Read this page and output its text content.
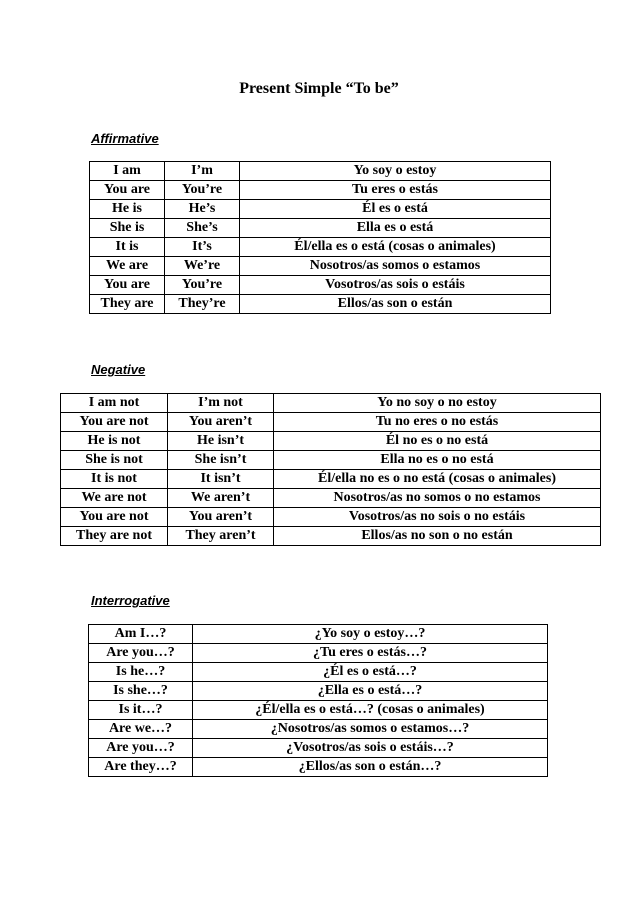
Present Simple “To be”
Affirmative
I am	I’m	Yo soy o estoy
You are	You’re	Tu eres o estás
He is	He’s	Él es o está
She is	She’s	Ella es o está
It is	It’s	Él/ella es o está (cosas o animales)
We are	We’re	Nosotros/as somos o estamos
You are	You’re	Vosotros/as sois o estáis
They are	They’re	Ellos/as son o están
Negative
I am not	I’m not	Yo no soy o no estoy
You are not	You aren’t	Tu no eres o no estás
He is not	He isn’t	Él no es o no está
She is not	She isn’t	Ella no es o no está
It is not	It isn’t	Él/ella no es o no está (cosas o animales)
We are not	We aren’t	Nosotros/as no somos o no estamos
You are not	You aren’t	Vosotros/as no sois o no estáis
They are not	They aren’t	Ellos/as no son o no están
Interrogative
Am I…?	¿Yo soy o estoy…?
Are you…?	¿Tu eres o estás…?
Is he…?	¿Él es o está…?
Is she…?	¿Ella es o está…?
Is it…?	¿Él/ella es o está…? (cosas o animales)
Are we…?	¿Nosotros/as somos o estamos…?
Are you…?	¿Vosotros/as sois o estáis…?
Are they…?	¿Ellos/as son o están…?
